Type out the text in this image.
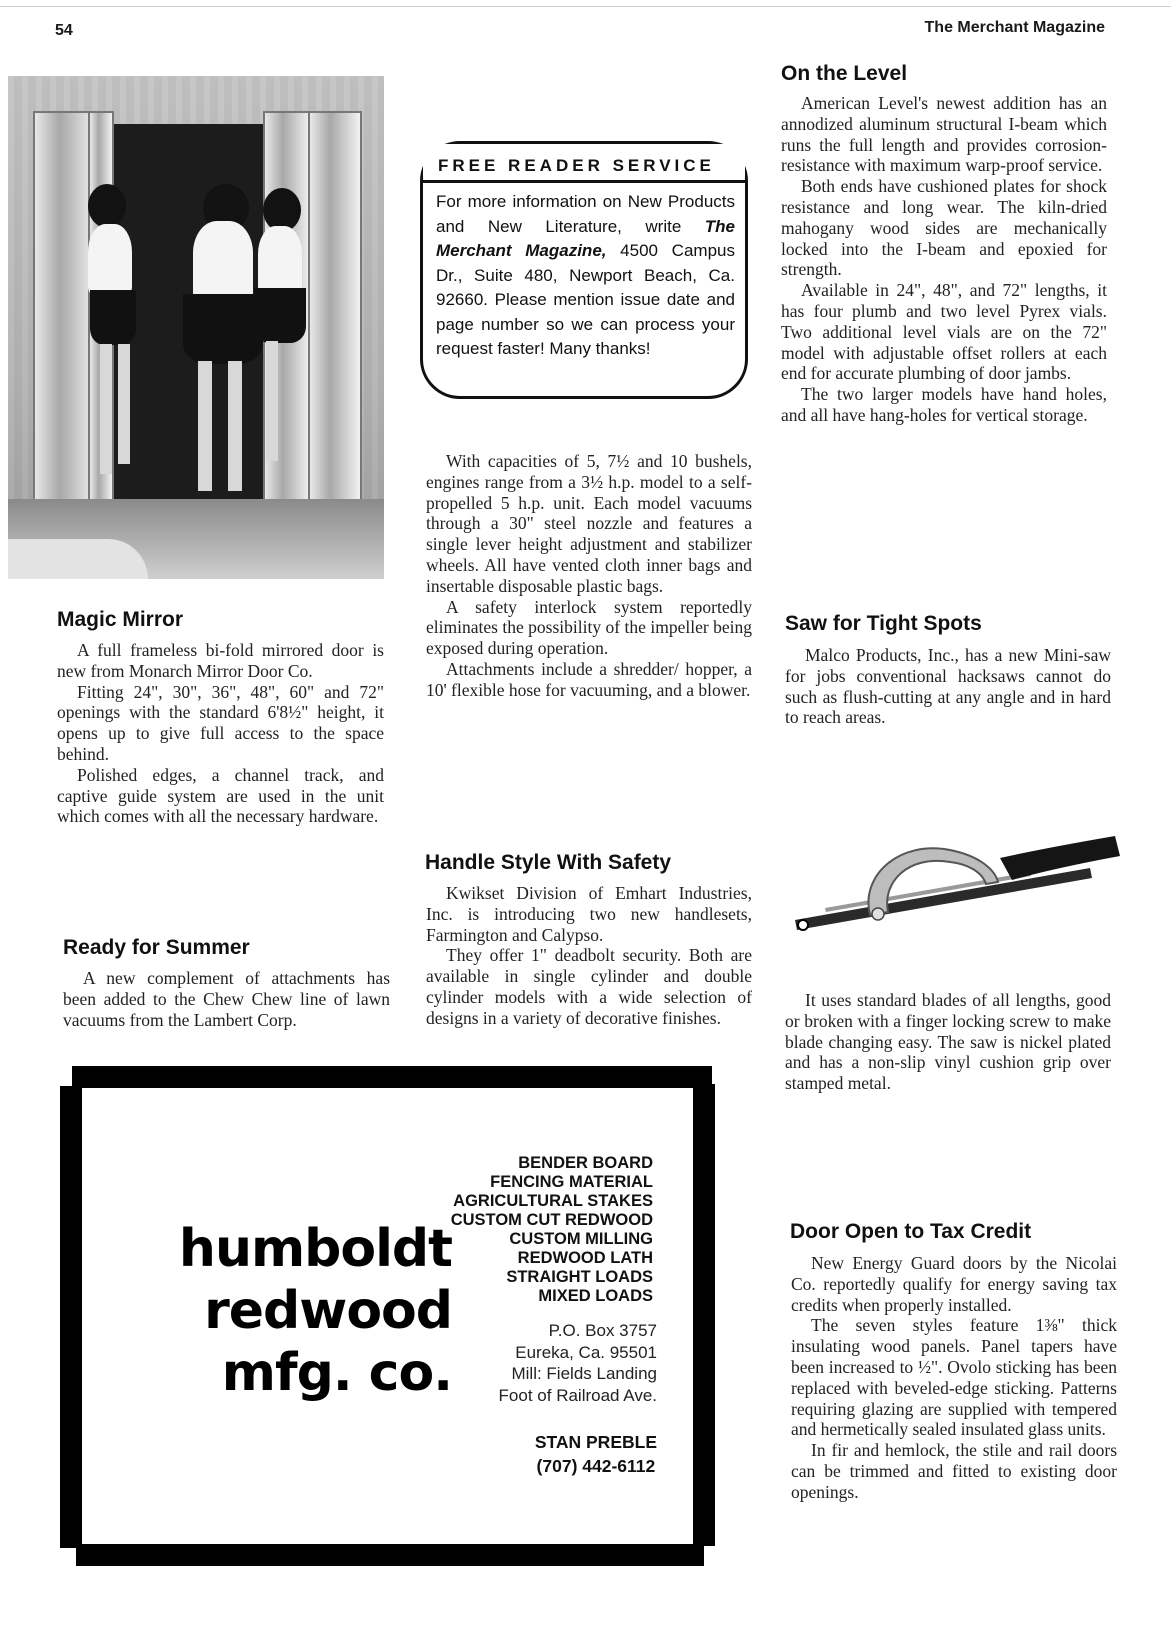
54	The Merchant Magazine
FREE READER SERVICE
For more information on New Products and New Literature, write The Merchant Magazine, 4500 Campus Dr., Suite 480, Newport Beach, Ca. 92660. Please mention issue date and page number so we can process your request faster! Many thanks!
Magic Mirror

A full frameless bi-fold mirrored door is new from Monarch Mirror Door Co.

Fitting 24", 30", 36", 48", 60" and 72" openings with the standard 6'8½" height, it opens up to give full access to the space behind.

Polished edges, a channel track, and captive guide system are used in the unit which comes with all the necessary hardware.

Ready for Summer

A new complement of attachments has been added to the Chew Chew line of lawn vacuums from the Lambert Corp.

With capacities of 5, 7½ and 10 bushels, engines range from a 3½ h.p. model to a self-propelled 5 h.p. unit. Each model vacuums through a 30" steel nozzle and features a single lever height adjustment and stabilizer wheels. All have vented cloth inner bags and insertable disposable plastic bags.

A safety interlock system reportedly eliminates the possibility of the impeller being exposed during operation.

Attachments include a shredder/ hopper, a 10' flexible hose for vacuuming, and a blower.

Handle Style With Safety

Kwikset Division of Emhart Industries, Inc. is introducing two new handlesets, Farmington and Calypso.

They offer 1" deadbolt security. Both are available in single cylinder and double cylinder models with a wide selection of designs in a variety of decorative finishes.

On the Level

American Level's newest addition has an annodized aluminum structural I-beam which runs the full length and provides corrosion-resistance with maximum warp-proof service.

Both ends have cushioned plates for shock resistance and long wear. The kiln-dried mahogany wood sides are mechanically locked into the I-beam and epoxied for strength.

Available in 24", 48", and 72" lengths, it has four plumb and two level Pyrex vials. Two additional level vials are on the 72" model with adjustable offset rollers at each end for accurate plumbing of door jambs.

The two larger models have hand holes, and all have hang-holes for vertical storage.

Saw for Tight Spots

Malco Products, Inc., has a new Mini-saw for jobs conventional hacksaws cannot do such as flush-cutting at any angle and in hard to reach areas.

It uses standard blades of all lengths, good or broken with a finger locking screw to make blade changing easy. The saw is nickel plated and has a non-slip vinyl cushion grip over stamped metal.

Door Open to Tax Credit

New Energy Guard doors by the Nicolai Co. reportedly qualify for energy saving tax credits when properly installed.

The seven styles feature 1⅜" thick insulating wood panels. Panel tapers have been increased to ½". Ovolo sticking has been replaced with beveled-edge sticking. Patterns requiring glazing are supplied with tempered and hermetically sealed insulated glass units.

In fir and hemlock, the stile and rail doors can be trimmed and fitted to existing door openings.

humboldt
redwood
mfg. co.
BENDER BOARD
FENCING MATERIAL
AGRICULTURAL STAKES
CUSTOM CUT REDWOOD
CUSTOM MILLING
REDWOOD LATH
STRAIGHT LOADS
MIXED LOADS
P.O. Box 3757
Eureka, Ca. 95501
Mill: Fields Landing
Foot of Railroad Ave.
STAN PREBLE
(707) 442-6112
